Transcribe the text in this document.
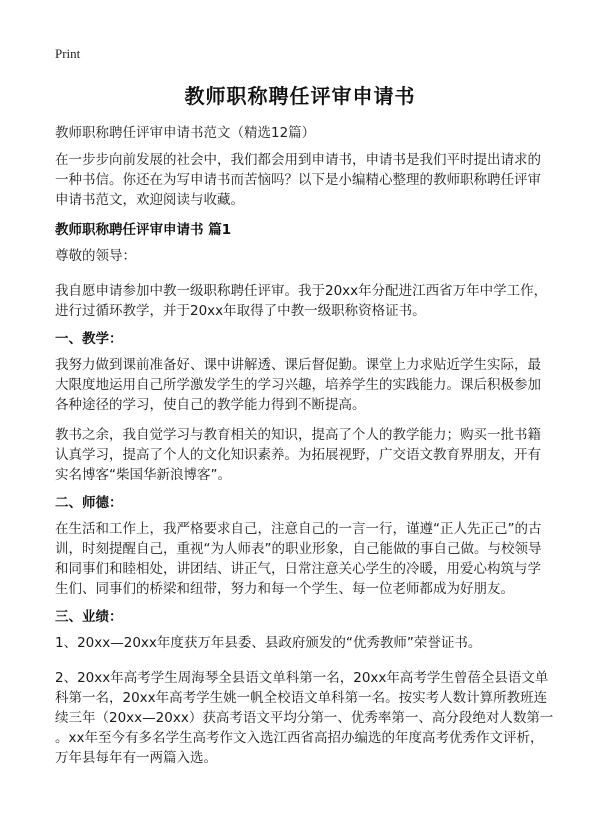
Print
教师职称聘任评审申请书
教师职称聘任评审申请书范文（精选12篇）
在一步步向前发展的社会中，我们都会用到申请书，申请书是我们平时提出请求的
一种书信。你还在为写申请书而苦恼吗？以下是小编精心整理的教师职称聘任评审
申请书范文，欢迎阅读与收藏。
教师职称聘任评审申请书 篇1
尊敬的领导：
我自愿申请参加中教一级职称聘任评审。我于20xx年分配进江西省万年中学工作，
进行过循环教学，并于20xx年取得了中教一级职称资格证书。
一、教学：
我努力做到课前准备好、课中讲解透、课后督促勤。课堂上力求贴近学生实际，最
大限度地运用自己所学激发学生的学习兴趣，培养学生的实践能力。课后积极参加
各种途径的学习，使自己的教学能力得到不断提高。
教书之余，我自觉学习与教育相关的知识，提高了个人的教学能力；购买一批书籍
认真学习，提高了个人的文化知识素养。为拓展视野，广交语文教育界朋友，开有
实名博客“柴国华新浪博客”。
二、师德：
在生活和工作上，我严格要求自己，注意自己的一言一行，谨遵“正人先正己”的古
训，时刻提醒自己，重视“为人师表”的职业形象，自己能做的事自己做。与校领导
和同事们和睦相处，讲团结、讲正气，日常注意关心学生的冷暖，用爱心构筑与学
生们、同事们的桥梁和纽带，努力和每一个学生、每一位老师都成为好朋友。
三、业绩：
1、20xx—20xx年度获万年县委、县政府颁发的“优秀教师”荣誉证书。
2、20xx年高考学生周海琴全县语文单科第一名，20xx年高考学生曾蓓全县语文单
科第一名，20xx年高考学生姚一帆全校语文单科第一名。按实考人数计算所教班连
续三年（20xx—20xx）获高考语文平均分第一、优秀率第一、高分段绝对人数第一
。xx年至今有多名学生高考作文入选江西省高招办编选的年度高考优秀作文评析，
万年县每年有一两篇入选。
